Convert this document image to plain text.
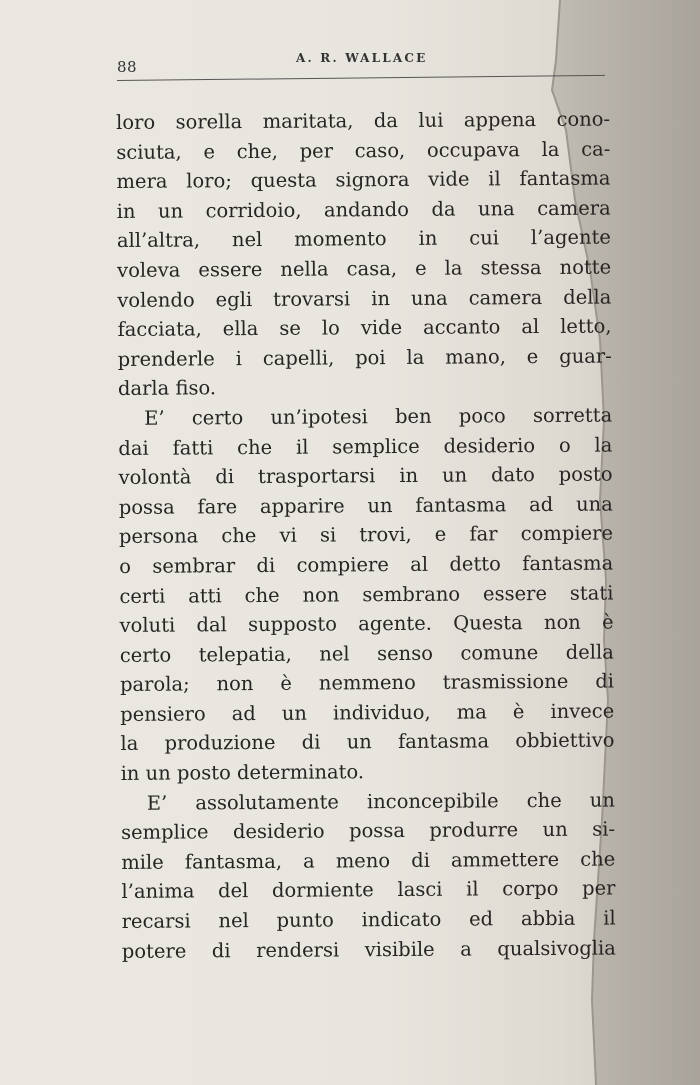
88	A. R. WALLACE
loro sorella maritata, da lui appena cono-
sciuta, e che, per caso, occupava la ca-
mera loro; questa signora vide il fantasma
in un corridoio, andando da una camera
all’altra, nel momento in cui l’agente
voleva essere nella casa, e la stessa notte
volendo egli trovarsi in una camera della
facciata, ella se lo vide accanto al letto,
prenderle i capelli, poi la mano, e guar-
darla fiso.
E’ certo un’ipotesi ben poco sorretta
dai fatti che il semplice desiderio o la
volontà di trasportarsi in un dato posto
possa fare apparire un fantasma ad una
persona che vi si trovi, e far compiere
o sembrar di compiere al detto fantasma
certi atti che non sembrano essere stati
voluti dal supposto agente. Questa non è
certo telepatia, nel senso comune della
parola; non è nemmeno trasmissione di
pensiero ad un individuo, ma è invece
la produzione di un fantasma obbiettivo
in un posto determinato.
E’ assolutamente inconcepibile che un
semplice desiderio possa produrre un si-
mile fantasma, a meno di ammettere che
l’anima del dormiente lasci il corpo per
recarsi nel punto indicato ed abbia il
potere di rendersi visibile a qualsivoglia
